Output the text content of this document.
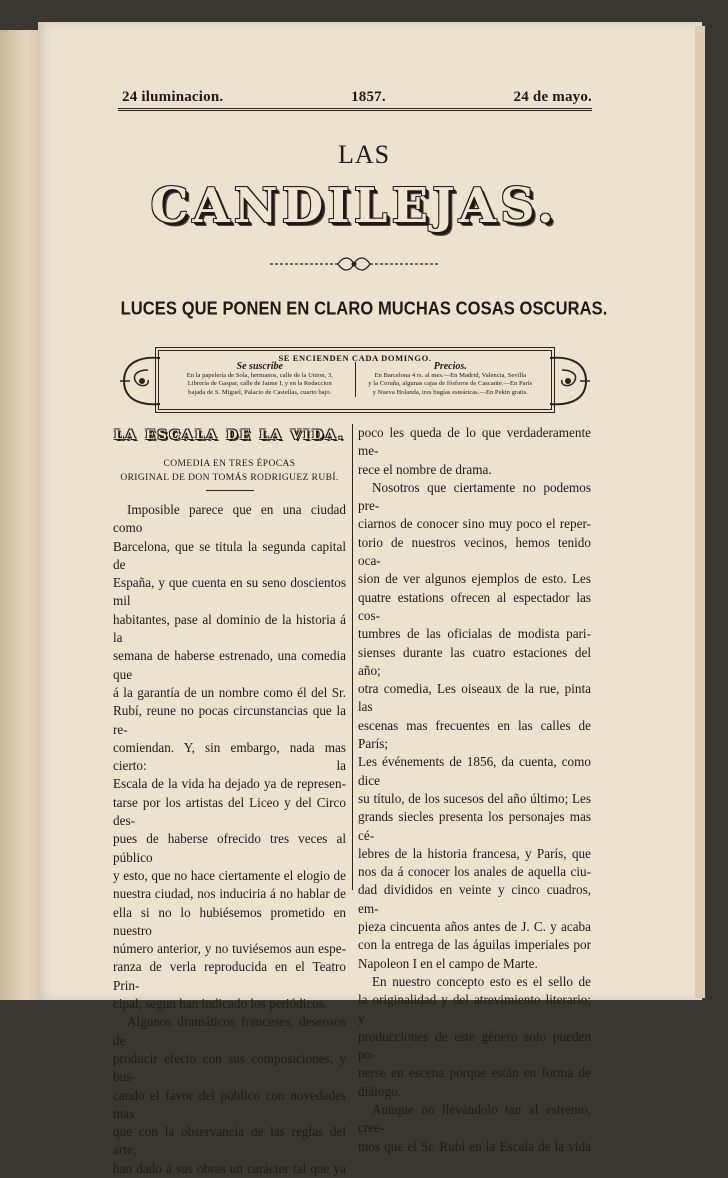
24 iluminacion.	1857.	24 de mayo.
LAS
CANDILEJAS.
LUCES QUE PONEN EN CLARO MUCHAS COSAS OSCURAS.
SE ENCIENDEN CADA DOMINGO.
Se suscribe
En la papelería de Sola, hermanos, calle de la Union, 3,
Librería de Gaspar, calle de Jaime I, y en la Redaccion
bajada de S. Miguel, Palacio de Castellas, cuarto bajo.
Precios.
En Barcelona 4 rs. al mes.—En Madrid, Valencia, Sevilla
y la Coruña, algunas cajas de fósforos de Cascante.—En París
y Nueva Holanda, tres bugías esteáricas.—En Pekin gratis.
LA ESCALA DE LA VIDA.
COMEDIA EN TRES ÉPOCAS
ORIGINAL DE DON TOMÁS RODRIGUEZ RUBÍ.
Imposible parece que en una ciudad como
Barcelona, que se titula la segunda capital de
España, y que cuenta en su seno doscientos mil
habitantes, pase al dominio de la historia á la
semana de haberse estrenado, una comedia que
á la garantía de un nombre como él del Sr.
Rubí, reune no pocas circunstancias que la re-
comiendan. Y, sin embargo, nada mas cierto: la
Escala de la vida ha dejado ya de represen-
tarse por los artistas del Liceo y del Circo des-
pues de haberse ofrecido tres veces al público
y esto, que no hace ciertamente el elogio de
nuestra ciudad, nos induciria á no hablar de
ella si no lo hubiésemos prometido en nuestro
número anterior, y no tuviésemos aun espe-
ranza de verla reproducida en el Teatro Prin-
cipal, segun han indicado los periódicos.
Algunos dramáticos franceses, deseosos de
producir efecto con sus composiciones, y bus-
cando el favor del público con novedades mas
que con la observancia de las reglas del arte,
han dado á sus obras un carácter tal que ya
poco les queda de lo que verdaderamente me-
rece el nombre de drama.
Nosotros que ciertamente no podemos pre-
ciarnos de conocer sino muy poco el reper-
torio de nuestros vecinos, hemos tenido oca-
sion de ver algunos ejemplos de esto. Les
quatre estations ofrecen al espectador las cos-
tumbres de las oficialas de modista pari-
sienses durante las cuatro estaciones del año;
otra comedia, Les oiseaux de la rue, pinta las
escenas mas frecuentes en las calles de París;
Les événements de 1856, da cuenta, como dice
su título, de los sucesos del año último; Les
grands siecles presenta los personajes mas cé-
lebres de la historia francesa, y París, que
nos da á conocer los anales de aquella ciu-
dad divididos en veinte y cinco cuadros, em-
pieza cincuenta años antes de J. C. y acaba
con la entrega de las águilas imperiales por
Napoleon I en el campo de Marte.
En nuestro concepto esto es el sello de
la originalidad y del atrevimiento literario; y
producciones de este género solo pueden po-
nerse en escena porque están en forma de
diálogo.
Aunque no llevándolo tan al estremo, cree-
mos que el Sr. Rubí en la Escala de la vida
